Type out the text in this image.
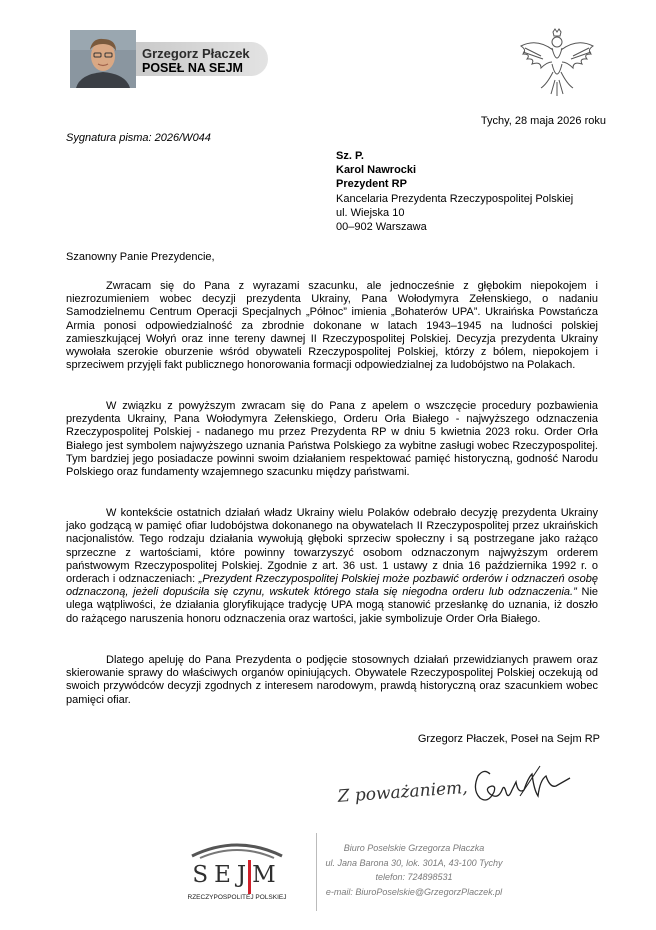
Grzegorz Płaczek
POSEŁ NA SEJM
Tychy, 28 maja 2026 roku
Sygnatura pisma: 2026/W044
Sz. P.
Karol Nawrocki
Prezydent RP
Kancelaria Prezydenta Rzeczypospolitej Polskiej
ul. Wiejska 10
00–902 Warszawa
Szanowny Panie Prezydencie,
Zwracam się do Pana z wyrazami szacunku, ale jednocześnie z głębokim niepokojem i niezrozumieniem wobec decyzji prezydenta Ukrainy, Pana Wołodymyra Zełenskiego, o nadaniu Samodzielnemu Centrum Operacji Specjalnych „Północ” imienia „Bohaterów UPA”. Ukraińska Powstańcza Armia ponosi odpowiedzialność za zbrodnie dokonane w latach 1943–1945 na ludności polskiej zamieszkującej Wołyń oraz inne tereny dawnej II Rzeczypospolitej Polskiej. Decyzja prezydenta Ukrainy wywołała szerokie oburzenie wśród obywateli Rzeczypospolitej Polskiej, którzy z bólem, niepokojem i sprzeciwem przyjęli fakt publicznego honorowania formacji odpowiedzialnej za ludobójstwo na Polakach.
W związku z powyższym zwracam się do Pana z apelem o wszczęcie procedury pozbawienia prezydenta Ukrainy, Pana Wołodymyra Zełenskiego, Orderu Orła Białego - najwyższego odznaczenia Rzeczypospolitej Polskiej - nadanego mu przez Prezydenta RP w dniu 5 kwietnia 2023 roku. Order Orła Białego jest symbolem najwyższego uznania Państwa Polskiego za wybitne zasługi wobec Rzeczypospolitej. Tym bardziej jego posiadacze powinni swoim działaniem respektować pamięć historyczną, godność Narodu Polskiego oraz fundamenty wzajemnego szacunku między państwami.
W kontekście ostatnich działań władz Ukrainy wielu Polaków odebrało decyzję prezydenta Ukrainy jako godzącą w pamięć ofiar ludobójstwa dokonanego na obywatelach II Rzeczypospolitej przez ukraińskich nacjonalistów. Tego rodzaju działania wywołują głęboki sprzeciw społeczny i są postrzegane jako rażąco sprzeczne z wartościami, które powinny towarzyszyć osobom odznaczonym najwyższym orderem państwowym Rzeczypospolitej Polskiej. Zgodnie z art. 36 ust. 1 ustawy z dnia 16 października 1992 r. o orderach i odznaczeniach: „Prezydent Rzeczypospolitej Polskiej może pozbawić orderów i odznaczeń osobę odznaczoną, jeżeli dopuściła się czynu, wskutek którego stała się niegodna orderu lub odznaczenia.” Nie ulega wątpliwości, że działania gloryfikujące tradycję UPA mogą stanowić przesłankę do uznania, iż doszło do rażącego naruszenia honoru odznaczenia oraz wartości, jakie symbolizuje Order Orła Białego.
Dlatego apeluję do Pana Prezydenta o podjęcie stosownych działań przewidzianych prawem oraz skierowanie sprawy do właściwych organów opiniujących. Obywatele Rzeczypospolitej Polskiej oczekują od swoich przywódców decyzji zgodnych z interesem narodowym, prawdą historyczną oraz szacunkiem wobec pamięci ofiar.
Grzegorz Płaczek, Poseł na Sejm RP
Z poważaniem,
SEJM
RZECZYPOSPOLITEJ POLSKIEJ
Biuro Poselskie Grzegorza Płaczka
ul. Jana Barona 30, lok. 301A, 43-100 Tychy
telefon: 724898531
e-mail: BiuroPoselskie@GrzegorzPlaczek.pl
